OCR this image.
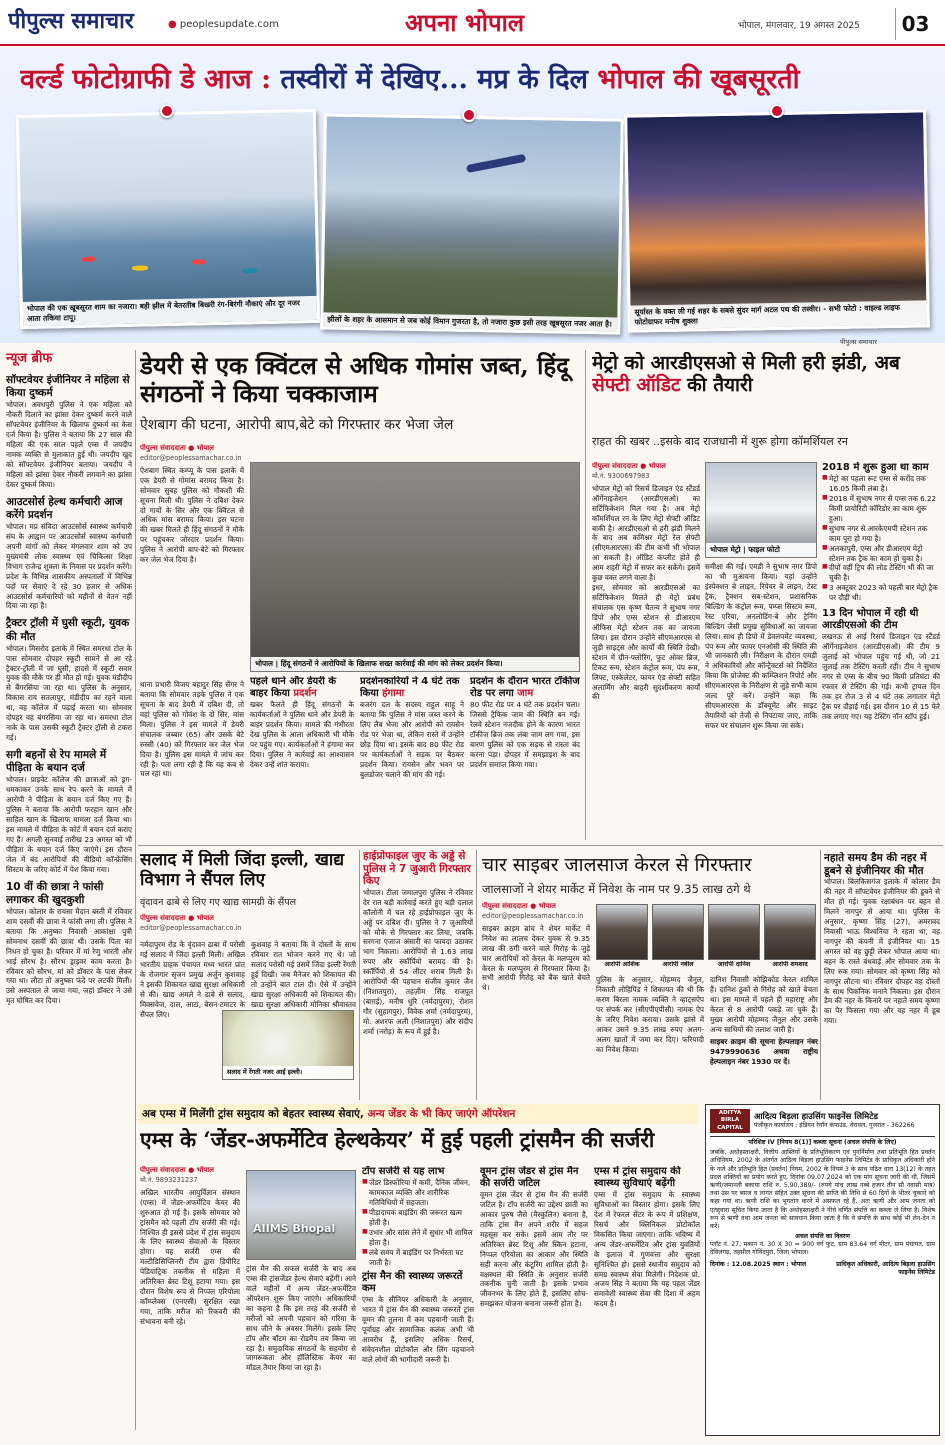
पीपुल्स समाचार	● peoplesupdate.com	अपना भोपाल	भोपाल, मंगलवार, 19 अगस्त 2025	03
वर्ल्ड फोटोग्राफी डे आज : तस्वीरों में देखिए... मप्र के दिल भोपाल की खूबसूरती
भोपाल की एक खूबसूरत शाम का नजारा। बड़ी झील में बेतरतीब बिखरी रंग-बिरंगी नौकाएं और दूर नजर आता तकिया टापू।	झीलों के शहर के आसमान से जब कोई विमान गुजरता है, तो नजारा कुछ इसी तरह खूबसूरत नजर आता है।
सूर्यास्त के वक्त ली गई शहर के सबसे सुंदर मार्ग अटल पथ की तस्वीर। - सभी फोटो : वाइल्ड लाइफ फोटोग्राफर मनीष शुक्ला
पीपुल्स समाचार
न्यूज ब्रीफ
सॉफ्टवेयर इंजीनियर ने महिला से किया दुष्कर्म
भोपाल। अवधपुरी पुलिस ने एक महिला को नौकरी दिलाने का झांसा देकर दुष्कर्म करने वाले सॉफ्टवेयर इंजीनियर के खिलाफ दुष्कर्म का केस दर्ज किया है। पुलिस ने बताया कि 27 साल की महिला की एक साल पहले एम्स में जयदीप नामक व्यक्ति से मुलाकात हुई थी। जयदीप खुद को सॉफ्टवेयर इंजीनियर बताया। जयदीप ने महिला को झांसा देकर नौकरी लगवाने का झांसा देकर दुष्कर्म किया।
आउटसोर्स हेल्थ कर्मचारी आज करेंगे प्रदर्शन
भोपाल। मप्र संविदा आउटसोर्स स्वास्थ्य कर्मचारी संघ के आह्वान पर आउटसोर्स स्वास्थ्य कर्मचारी अपनी मांगों को लेकर मंगलवार शाम को उप मुख्यमंत्री लोक स्वास्थ्य एवं चिकित्सा शिक्षा विभाग राजेन्द्र शुक्ला के निवास पर प्रदर्शन करेंगे। प्रदेश के विभिन्न शासकीय अस्पतालों में विभिन्न पदों पर सेवाएं दे रहे 30 हजार से अधिक आउटसोर्स कर्मचारियों को महीनों से वेतन नहीं दिया जा रहा है।
ट्रैक्टर ट्रॉली में घुसी स्कूटी, युवक की मौत
भोपाल। मिसरोद इलाके में स्थित समरधा टोल के पास सोमवार दोपहर स्कूटी सामने से आ रहे ट्रैक्टर-ट्रॉली में जा घुसी, हादसे में स्कूटी सवार युवक की मौके पर ही मौत हो गई। युवक मंडीदीप से बैंगरसिया जा रहा था। पुलिस के अनुसार, विकास राय सतलापुर, मंडीदीप का रहने वाला था, वह कॉलेज में पढ़ाई करता था। सोमवार दोपहर वह बंगरसिया जा रहा था। समरधा टोल नाके के पास उसकी स्कूटी ट्रैक्टर ट्रॉली से टकरा गई।
सगी बहनों से रेप मामले में पीड़िता के बयान दर्ज
भोपाल। प्राइवेट कॉलेज की छात्राओं को ड्रग-धमकाकर उनके साथ रेप करने के मामले में आरोपी ने पीड़िता के बयान दर्ज किए गए हैं। पुलिस ने बताया कि आरोपी फरहान खान और साहिल खान के खिलाफ मामला दर्ज किया था। इस मामले में पीड़िता के कोर्ट में बयान दर्ज कराए गए हैं। अगली सुनवाई तारीख 23 अगस्त को भी पीड़िता के बयान दर्ज किए जाएंगे। इस दौरान जेल में बंद आरोपियों की वीडियो कॉन्फ्रेंसिंग सिस्टम के जरिए कोर्ट में पेश किया गया।
10 वीं की छात्रा ने फांसी लगाकर की खुदकुशी
भोपाल। कोलार के रायसा मैदान बस्ती में रविवार शाम दसवीं की छात्रा ने फांसी लगा ली। पुलिस ने बताया कि अनुष्का निवासी आकांक्षा पुत्री सोमनाथ दसवीं की छात्रा थी। उसके पिता का निधन हो चुका है। परिवार में मां रेणु भारती और भाई सौरभ है। सौरभ ड्राइवर काम करता है। रविवार को सौरभ, मां को डॉक्टर के पास लेकर गया था। लौटा तो अनुष्का फंदे पर लटकी मिली। उसे अस्पताल ले जाया गया, जहां डॉक्टर ने उसे मृत घोषित कर दिया।
डेयरी से एक क्विंटल से अधिक गोमांस जब्त, हिंदू संगठनों ने किया चक्काजाम
ऐशबाग की घटना, आरोपी बाप,बेटे को गिरफ्तार कर भेजा जेल
पीपुल्स संवाददाता ● भोपाल
editor@peoplessamachar.co.in
ऐशबाग स्थित कम्प्यू के पास इलाके में एक डेयरी से गोमांस बरामद किया है। सोमवार सुबह पुलिस को गौकशी की सूचना मिली थी। पुलिस ने दबिश देकर दो गायों के सिर और एक क्विंटल से अधिक मांस बरामद किया। इस घटना की खबर मिलते ही हिंदू संगठनों ने मौके पर पहुंचकर जोरदार प्रदर्शन किया। पुलिस ने आरोपी बाप-बेटे को गिरफ्तार कर जेल भेज दिया है।
भोपाल | हिंदू संगठनों ने आरोपियों के खिलाफ सख्त कार्रवाई की मांग को लेकर प्रदर्शन किया।
थाना प्रभारी विजय बहादुर सिंह सेंगर ने बताया कि सोमवार तड़के पुलिस ने एक सूचना के बाद डेयरी में दबिश दी, तो वहां पुलिस को गोवंश के दो सिर, मांस मिला। पुलिस ने इस मामले में डेयरी संचालक जब्बार (65) और उसके बेटे रुस्सी (40) को गिरफ्तार कर जेल भेज दिया है। पुलिस इस मामले में जांच कर रही है। पता लगा रही है कि यह कब से चल रहा था।
पहले थाने और डेयरी के बाहर किया प्रदर्शन
खबर फैलते ही हिंदू संगठनों के कार्यकर्ताओं ने पुलिस थाने और डेयरी के बाहर प्रदर्शन किया। मामले की गंभीरता देख पुलिस के आला अधिकारी भी मौके पर पहुंच गए। कार्यकर्ताओं ने हंगामा कर दिया। पुलिस ने कार्रवाई का आश्वासन देकर उन्हें शांत कराया।
प्रदर्शनकारियों ने 4 घंटे तक किया हंगामा
बजरंग दल के सदस्य राहुल साहू ने बताया कि पुलिस ने मांस जब्त करने के लिए लैब भेजा और आरोपी को रायसेन रोड पर भेजा था, लेकिन रास्ते में उन्होंने छोड़ दिया था। इसके बाद 80 फीट रोड पर कार्यकर्ताओं ने सड़क पर बैठकर प्रदर्शन किया। रायसेन और भवन पर बुलडोजर चलाने की मांग की गई।
प्रदर्शन के दौरान भारत टॉकीज रोड पर लगा जाम
80 फीट रोड पर 4 घंटे तक प्रदर्शन चला। जिससे ट्रैफिक जाम की स्थिति बन गई। रेलवे स्टेशन नजदीक होने के कारण भारत टॉकीज ब्रिज तक लंबा जाम लग गया, इस बारण पुलिस को एक सड़क से रास्ता बंद करना पड़ा। दोपहर में समझाइश के बाद प्रदर्शन समाप्त किया गया।
मेट्रो को आरडीएसओ से मिली हरी झंडी, अब सेफ्टी ऑडिट की तैयारी
राहत की खबर ..इसके बाद राजधानी में शुरू होगा कॉमर्शियल रन
पीपुल्स संवाददाता ● भोपाल
मो.नं. 9300697983
भोपाल मेट्रो को रिसर्च डिजाइन एंड स्टैंडर्ड ऑर्गेनाइजेशन (आरडीएसओ) का सर्टिफिकेशन मिल गया है। अब मेट्रो कॉमर्शियल रन के लिए मेट्रो सेफ्टी ऑडिट बाकी है। आरडीएसओ से हरी झंडी मिलने के बाद अब कमिश्नर मेट्रो रेल सेफ्टी (सीएमआरएस) की टीम कभी भी भोपाल आ सकती है। ऑडिट कंप्लीट होते ही आम शहरी मेट्रो में सफर कर सकेंगे। इसमें कुछ वक्त लगने वाला है।
इधर, सोमवार को आरडीएसओ का सर्टिफिकेशन मिलते ही मेट्रो प्रबंध संचालक एस कृष्ण चैतन्य ने सुभाष नगर डिपो और एम्स स्टेशन से डीआरएम ऑफिस मेट्रो स्टेशन तक का जायजा लिया। इस दौरान उन्होंने सीएमआरएस से जुड़ी साइट्स और कार्यों की स्थिति देखी। स्टेशन में ग्रीन-फ्लोरिंग, फुट ओवर ब्रिज, टिकट रूम, स्टेशन कंट्रोल रूम, पंप रूम, लिफ्ट, एस्केलेटर, फायर एंड सेफ्टी सहित अलार्मिंग और बाहरी सुदर्शीकरण कार्यों की
भोपाल मेट्रो | फाइल फोटो
समीक्षा की गई। एमडी ने सुभाष नगर डिपो का भी मुआयना किया। यहां उन्होंने इंस्पेक्शन बे लाइन, रिपेयर बे लाइन, टेस्ट ट्रैक, ट्रैक्शन सब-स्टेशन, प्रशासनिक बिल्डिंग के कंट्रोल रूम, पम्प्स सिस्टम रूम, रेस्ट एरिया, अनलोडिंग-बे और ट्रेनिंग बिल्डिंग जैसी प्रमुख सुविधाओं का जायजा लिया। साथ ही डिपो में डेवलपमेंट व्यवस्था, पंप रूम और फायर एनओसी की स्थिति की भी जानकारी ली। निरीक्षण के दौरान एमडी ने अधिकारियों और कॉन्ट्रैक्टर्स को निर्देशित किया कि प्रोजेक्ट की कम्प्लिशन रिपोर्ट और सीएमआरएस के निरीक्षण से जुड़े सभी काम जल्द पूरे करें। उन्होंने कहा कि सीएमआरएस के डॉक्यूमेंट और साइट तैयारियों को तेजी से निपटाया जाए, ताकि सफर पर संचालन शुरू किया जा सके।
2018 में शुरू हुआ था काम
■ मेट्रो का पहला रूट एम्स से करोंद तक 16.05 किमी लंबा है।
■ 2018 में सुभाष नगर से एम्स तक 6.22 किमी प्रायोरिटी कॉरिडोर का काम शुरू हुआ।
■ सुभाष नगर से आरकेएमपी स्टेशन तक काम पूरा हो गया है।
■ अलकापुरी, एम्स और डीआरएम मेट्रो स्टेशन तक ट्रैक का काम हो चुका है।
■ दीपों वहीं ट्रिप की लोड टेस्टिंग भी की जा चुकी है।
■ 3 अक्टूबर 2023 को पहली बार मेट्रो ट्रैक पर दौड़ी थी।
13 दिन भोपाल में रही थी आरडीएसओ की टीम
लखनऊ से आई रिसर्च डिजाइन एंड स्टैंडर्ड ऑर्गेनाइजेशन (आरडीएसओ) की टीम 9 जुलाई को भोपाल पहुंच गई थी, जो 21 जुलाई तक टेस्टिंग करती रही। टीम ने सुभाष नगर से एम्स के बीच 90 किमी प्रतिघंटा की रफ्तार से टेस्टिंग की गई। कभी ट्रायल दिन तक हर रोज 3 से 4 घंटे तक लगातार मेट्रो ट्रैक पर दौड़ाई गई। इस दौरान 10 से 15 फेरे तक लगाए गए। यह टेस्टिंग नॉन स्टॉप हुई।
सलाद में मिली जिंदा इल्ली, खाद्य विभाग ने सैंपल लिए
वृंदावन ढाबे से लिए गए खाद्य सामग्री के सैंपल
पीपुल्स संवाददाता ● भोपाल
editor@peoplessamachar.co.in
नर्मदापुरम रोड के वृंदावन ढाबा में परोसी गई सलाद में जिंदा इल्ली मिली। अखिल भारतीय ग्राहक पंचायत मध्य भारत प्रांत के रोजगार सृजन प्रमुख अर्जुन कुशवाह ने इसकी शिकायत खाद्य सुरक्षा अधिकारी से की। खाद्य अमले ने ढाबे से सलाद, मिक्सवेज, दाल, आटा, बेसन-टमाटर के सैंपल लिए।
कुशवाह ने बताया कि वे दोस्तों के साथ रविवार रात भोजन करने गए थे। जो सलाद परोसी गई उसमें जिंदा इल्ली रेंगती हुई दिखी। जब मैनेजर को शिकायत की तो उन्होंने बात टाल दी। ऐसे में उन्होंने खाद्य सुरक्षा अधिकारी को शिकायत की। खाद्य सुरक्षा अधिकारी मोनिका श्रीवास्तव
सलाद में रेंगती नजर आई इल्ली।
हाईप्रोफाइल जुए के अड्डे से पुलिस ने 7 जुआरी गिरफ्तार किए
भोपाल। टीला जमालपुरा पुलिस ने रविवार देर रात बड़ी कार्रवाई करते हुए बड़ी दलाल कॉलोनी में चल रहे हाईप्रोफाइल जुए के अड्डे पर दबिश दी। पुलिस ने 7 जुआरियों को मौके से गिरफ्तार कर लिया, जबकि सरगना एजाज अंसारी का फायदा उठाकर भाग निकला। आरोपियों से 1.63 लाख रुपए और स्कॉर्पियो बरामद की है। स्कॉर्पियो से 54 लीटर शराब मिली है। आरोपियों की पहचान संजीव कुमार जैन (निशातपुरा), तहज़ीम सिंह राजपूत (बाग़ई), मनीष धुरि (नर्मदापुरम), रोशन गौर (सुहागपुर), विवेक शर्मा (नर्मदापुरम), मो. अशरफ अली (निशातपुरा) और संदीप शर्मा (नरोड़) के रूप में हुई है।
चार साइबर जालसाज केरल से गिरफ्तार
जालसाजों ने शेयर मार्केट में निवेश के नाम पर 9.35 लाख ठगे थे
पीपुल्स संवाददाता ● भोपाल
editor@peoplessamachar.co.in
साइबर क्राइम ब्रांच ने शेयर मार्केट में निवेश का लालच देकर युवक से 9.35 लाख की ठगी करने वाले गिरोह के जुड़े चार आरोपियों को केरल के मलप्पुरम को केरल के मलप्पुरम से गिरफ्तार किया है। सभी आरोपी गिरोह को बैंक खाते बेचते थे।
आरोपी आशिक	आरोपी नबील	आरोपी दानिश	आरोपी शमशाद
पुलिस के अनुसार, मोहम्मद जैनुल, निकाती लोहिपिंड ने शिकायत की थी कि करण बिरला नामक व्यक्ति ने व्हाट्सऐप पर संपर्क कर (सीएपीएपीसी) नामक ऐप के जरिए निवेश कराया। उसके झांसे में आकर उसने 9.35 लाख रुपए अलग-अलग खातों में जमा कर दिए। फरियादी का निवेश किया।
दानिश निवासी कोझिकोड केरल शामिल हैं। दानिश ठुकों से गिरोह को खाते बेचता था। इस मामले में पहले ही महाराष्ट्र और केरल से 8 आरोपी पकड़े जा चुके हैं। मुख्य आरोपी मोहम्मद जैनुल और उसके अन्य साथियों की तलाश जारी है।
साइबर क्राइम की सूचना हेल्पलाइन नंबर 9479990636 अथवा राष्ट्रीय हेल्पलाइन नंबर 1930 पर दें।
नहाते समय डैम की नहर में डूबने से इंजीनियर की मौत
भोपाल। बिलकिसगंज इलाके में कोलार डैम की नहर में सॉफ्टवेयर इंजीनियर की डूबने से मौत हो गई। युवक रक्षाबंधन पर बहन से मिलने नागपुर से आया था। पुलिस के अनुसार, कृष्णा सिंह (27), अमरावद निवासी भाऊ विश्वनिया ने रहता था, वह नागपुर की कंपनी में इंजीनियर था। 15 अगस्त को वह छुट्टी लेकर भोपाल आया था। बहन के रास्ते बंधवाई और सोमवार तक के लिए रुक गया। सोमवार को कृष्णा सिंह को नागपुर लौटना था। रविवार दोपहर वह दोस्तों के साथ पिकनिक मनाने निकला। इस दौरान डैम की नहर के किनारे पर नहाते समय कृष्णा का पैर फिसला गया और वह नहर में डूब गया।
अब एम्स में मिलेंगी ट्रांस समुदाय को बेहतर स्वास्थ्य सेवाएं, अन्य जेंडर के भी किए जाएंगे ऑपरेशन
एम्स के ‘जेंडर-अफर्मेटिव हेल्थकेयर’ में हुई पहली ट्रांसमैन की सर्जरी
पीपुल्स संवाददाता ● भोपाल
मो.नं. 9893231237
अखिल भारतीय आयुर्विज्ञान संस्थान (एम्स) में जेंडर-अफर्मेटिव केयर की शुरुआत हो गई है। इसके सोमवार को ट्रांसमैन को पहली टॉप सर्जरी की गई। निश्चित ही इससे प्रदेश में ट्रांस समुदाय के लिए स्वास्थ्य सेवाओं के विस्तार होगा। यह सर्जरी एम्स की मल्टीडिसिप्लिनरी टीम द्वारा डिपीरिट पेडियाट्रिक तकनीक से महिला में अतिरिक्त ब्रेस्ट टिशू हटाया गया। इस दौरान विशेष रूप से निप्पल एरियोला कॉम्प्लेक्स (एनएसी) सुरक्षित रखा गया, ताकि मरीज को रिकवरी की संभावना बनी रहे।
AIIMS Bhopal
ट्रांस मैन की सफल सर्जरी के बाद अब एम्स की ट्रांसजेंडर हेल्थ सेवाएं बढ़ेंगी। आने वाले महीनों में अन्य जेंडर-अफर्मेटिव ऑपरेशन शुरू किए जाएंगे। अधिकारियों का कहना है कि इस तरह की सर्जरी से मरीजों को अपनी पहचान को गरिमा के साथ जीने के अवसर मिलेंगे। इसके लिए टॉप और बॉटम का रोडमैप तय किया जा रहा है। समुदायिक संगठनों के सहयोग से जागरूकता और हॉलिस्टिक केयर का मॉडल तैयार किया जा रहा है।
टॉप सर्जरी से यह लाभ
■ जेंडर डिस्फोरिया में कमी, दैनिक जीवन, कामकाज व्यक्ति और शारीरिक गतिविधियों में सहजता।
■ पीड़ादायक बाइंडिंग की जरूरत खत्म होती है।
■ उभार और सांस लेने में सुधार भी शामिल होता है।
■ लंबे समय में बाइंडिंग पर निर्भरता घट जाती है।
ट्रांस मैन की स्वास्थ्य जरूरतें कम
एम्स के सीनियर अधिकारी के अनुसार, भारत में ट्रांस मैन की स्वास्थ्य जरूरतें ट्रांस वूमन की तुलना में कम पहचानी जाती हैं। पूर्वाग्रह और सामाजिक कलंक अभी भी आवरोध हैं, इसलिए अधिक रिसर्च, संवेदनशील प्रोटोकॉल और लिंग पहचानने वाले लोगों की भागीदारी जरूरी है।
वूमन ट्रांस जेंडर से ट्रांस मैन की सर्जरी जटिल
वूमन ट्रांस जेंडर से ट्रांस मैन की सर्जरी जटिल है। टॉप सर्जरी का उद्देश्य छाती का आकार पुरुष जैसे (मैस्कुलिन) बनाना है, ताकि ट्रांस मैन अपने शरीर में सहज महसूस कर सके। इसमें आम तौर पर अतिरिक्त ब्रेस्ट टिशू और स्किन हटाना, निप्पल एरियोला का आकार और स्थिति सही करना और कंटूरिंग शामिल होती है। वक्षस्थल की स्थिति के अनुसार सर्जरी तकनीक चुनी जाती है। इसके प्रभाव जीवनभर के लिए होते हैं, इसलिए सोच-समझकर योजना बनाना जरूरी होता है।
एम्स में ट्रांस समुदाय की स्वास्थ्य सुविधाएं बढ़ेंगी
एम्स में ट्रांस समुदाय के स्वास्थ्य सुविधाओं का विस्तार होगा। इसके लिए देश में रेफरल सेंटर के रूप में प्रशिक्षण, रिसर्च और क्लिनिकल प्रोटोकॉल विकसित किया जाएगा। ताकि भविष्य में अन्य जेंडर-अफर्मेटिव और ट्रांस युवतियों के इलाज में गुणवत्ता और सुरक्षा सुनिश्चित हो। इससे स्थानीय समुदाय को समग्र स्वास्थ्य सेवा मिलेगी। निदेशक प्रो. अजय सिंह ने बताया कि यह पहल जेंडर समावेशी स्वास्थ्य सेवा की दिशा में अहम कदम है।
ADITYA BIRLA CAPITAL
आदित्य बिड़ला हाउसिंग फाइनेंस लिमिटेड
पंजीकृत कार्यालय : इंडियन रेयॉन कंपाउंड, वेरावल, गुजरात - 362266
परिशिष्ट IV [नियम 8(1)] कब्जा सूचना (अचल संपत्ति के लिए)
जबकि, अधोहस्ताक्षरी, वित्तीय आस्तियों के प्रतिभूतिकरण एवं पुनर्निर्माण तथा प्रतिभूति हित प्रवर्तन अधिनियम, 2002 के अंतर्गत आदित्य बिड़ला हाउसिंग फाइनेंस लिमिटेड के प्राधिकृत अधिकारी होने के नाते और प्रतिभूति हित (प्रवर्तन) नियम, 2002 के नियम 3 के साथ पठित धारा 13(12) के तहत प्रदत्त शक्तियों का प्रयोग करते हुए, दिनांक 09.07.2024 को एक मांग सूचना जारी की थी, जिसमें ऋणी/जमानती बकाया राशि रु. 5,90,389/- (रुपये पांच लाख नब्बे हजार तीन सौ नवासी मात्र) तथा उस पर ब्याज व लागत सहित उक्त सूचना की प्राप्ति की तिथि से 60 दिनों के भीतर चुकाने को कहा गया था। ऋणी राशि का भुगतान करने में असफल रहे हैं, अतः ऋणी और आम जनता को एतद्द्वारा सूचित किया जाता है कि अधोहस्ताक्षरी ने नीचे वर्णित संपत्ति का कब्जा ले लिया है। विशेष रूप से ऋणी तथा आम जनता को सावधान किया जाता है कि वे संपत्ति के साथ कोई भी लेन-देन न करें।
अचल संपत्ति का विवरण
प्लॉट नं. 27, मकान नं. 30 X 30 = 900 वर्ग फुट, ग्राम 83.64 वर्ग मीटर, ग्राम पंचायत, ग्राम देविलगढ़, तहसील गोविंदपुरा, जिला भोपाल।
दिनांक : 12.08.2025 स्थान : भोपाल	प्राधिकृत अधिकारी, आदित्य बिड़ला हाउसिंग फाइनेंस लिमिटेड
